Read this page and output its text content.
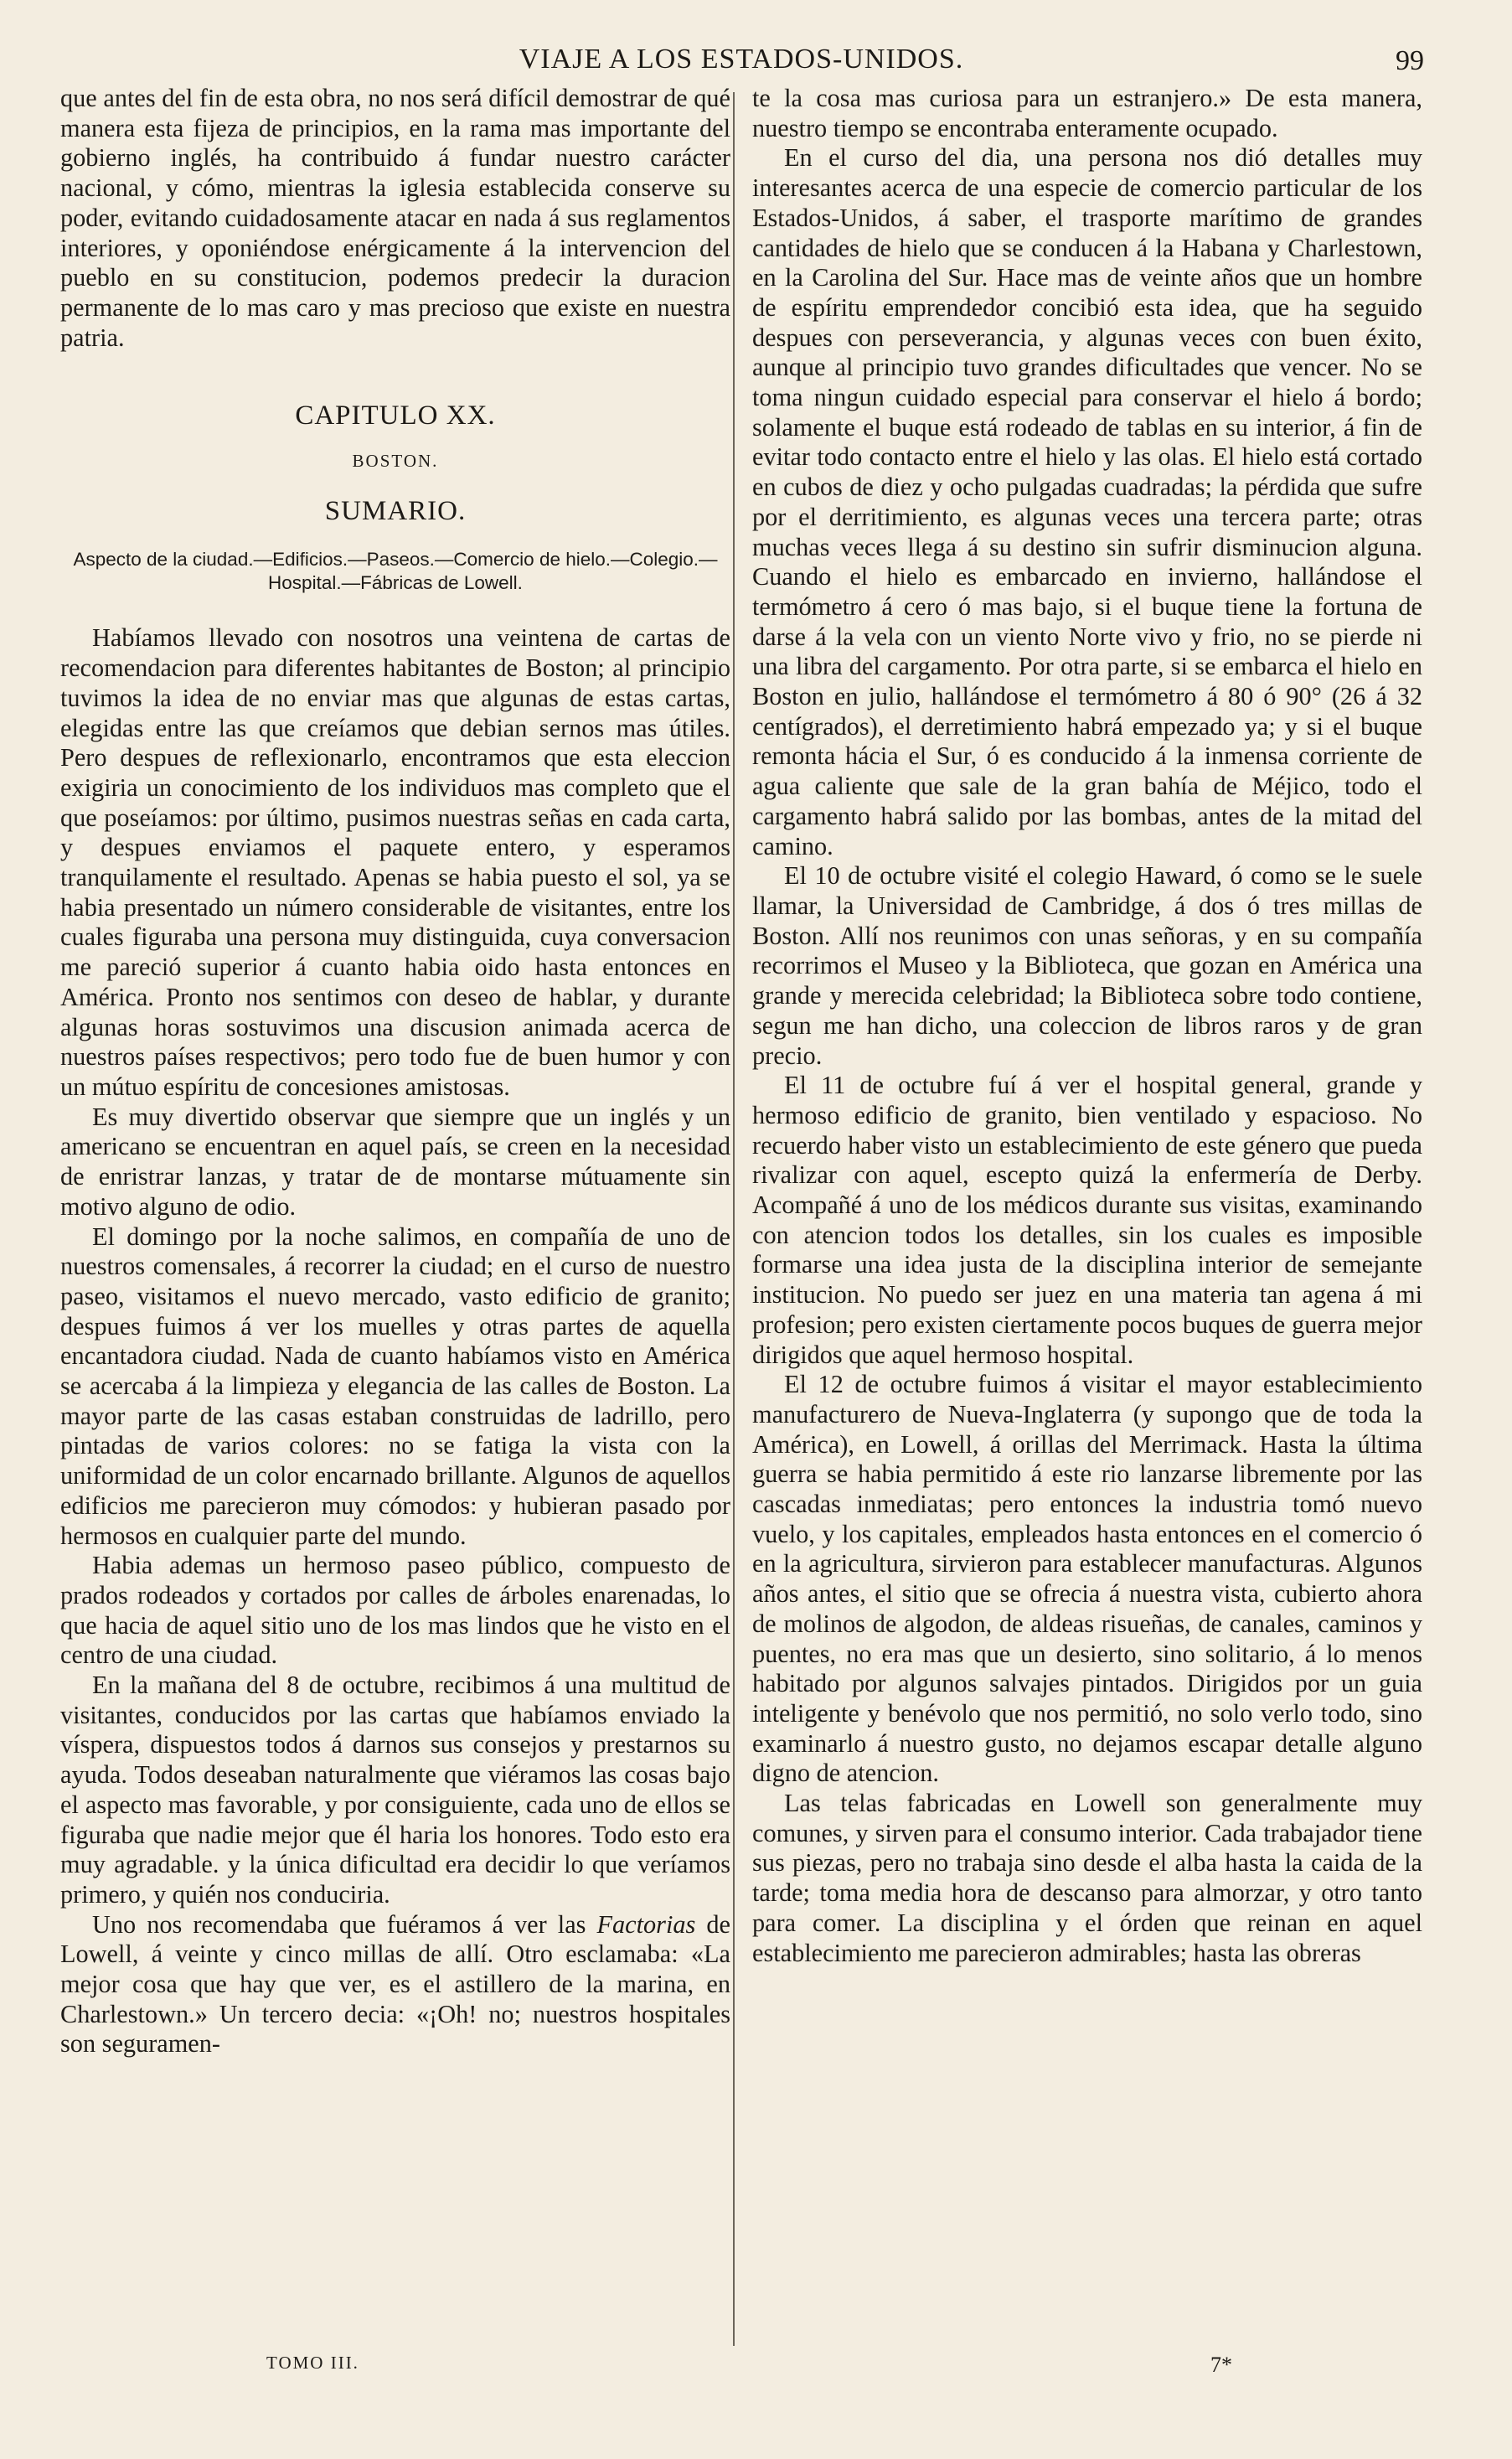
VIAJE A LOS ESTADOS-UNIDOS.	99

que antes del fin de esta obra, no nos será difícil demostrar de qué manera esta fijeza de principios, en la rama mas importante del gobierno inglés, ha contribuido á fundar nuestro carácter nacional, y cómo, mientras la iglesia establecida conserve su poder, evitando cuidadosamente atacar en nada á sus reglamentos interiores, y oponiéndose enérgicamente á la intervencion del pueblo en su constitucion, podemos predecir la duracion permanente de lo mas caro y mas precioso que existe en nuestra patria.

CAPITULO XX.
BOSTON.
SUMARIO.
Aspecto de la ciudad.—Edificios.—Paseos.—Comercio de hielo.—Colegio.—Hospital.—Fábricas de Lowell.

Habíamos llevado con nosotros una veintena de cartas de recomendacion para diferentes habitantes de Boston; al principio tuvimos la idea de no enviar mas que algunas de estas cartas, elegidas entre las que creíamos que debian sernos mas útiles. Pero despues de reflexionarlo, encontramos que esta eleccion exigiria un conocimiento de los individuos mas completo que el que poseíamos: por último, pusimos nuestras señas en cada carta, y despues enviamos el paquete entero, y esperamos tranquilamente el resultado. Apenas se habia puesto el sol, ya se habia presentado un número considerable de visitantes, entre los cuales figuraba una persona muy distinguida, cuya conversacion me pareció superior á cuanto habia oido hasta entonces en América. Pronto nos sentimos con deseo de hablar, y durante algunas horas sostuvimos una discusion animada acerca de nuestros países respectivos; pero todo fue de buen humor y con un mútuo espíritu de concesiones amistosas.

Es muy divertido observar que siempre que un inglés y un americano se encuentran en aquel país, se creen en la necesidad de enristrar lanzas, y tratar de de montarse mútuamente sin motivo alguno de odio.

El domingo por la noche salimos, en compañía de uno de nuestros comensales, á recorrer la ciudad; en el curso de nuestro paseo, visitamos el nuevo mercado, vasto edificio de granito; despues fuimos á ver los muelles y otras partes de aquella encantadora ciudad. Nada de cuanto habíamos visto en América se acercaba á la limpieza y elegancia de las calles de Boston. La mayor parte de las casas estaban construidas de ladrillo, pero pintadas de varios colores: no se fatiga la vista con la uniformidad de un color encarnado brillante. Algunos de aquellos edificios me parecieron muy cómodos: y hubieran pasado por hermosos en cualquier parte del mundo.

Habia ademas un hermoso paseo público, compuesto de prados rodeados y cortados por calles de árboles enarenadas, lo que hacia de aquel sitio uno de los mas lindos que he visto en el centro de una ciudad.

En la mañana del 8 de octubre, recibimos á una multitud de visitantes, conducidos por las cartas que habíamos enviado la víspera, dispuestos todos á darnos sus consejos y prestarnos su ayuda. Todos deseaban naturalmente que viéramos las cosas bajo el aspecto mas favorable, y por consiguiente, cada uno de ellos se figuraba que nadie mejor que él haria los honores. Todo esto era muy agradable. y la única dificultad era decidir lo que veríamos primero, y quién nos conduciria.

Uno nos recomendaba que fuéramos á ver las Factorias de Lowell, á veinte y cinco millas de allí. Otro esclamaba: «La mejor cosa que hay que ver, es el astillero de la marina, en Charlestown.» Un tercero decia: «¡Oh! no; nuestros hospitales son seguramen-

te la cosa mas curiosa para un estranjero.» De esta manera, nuestro tiempo se encontraba enteramente ocupado.

En el curso del dia, una persona nos dió detalles muy interesantes acerca de una especie de comercio particular de los Estados-Unidos, á saber, el trasporte marítimo de grandes cantidades de hielo que se conducen á la Habana y Charlestown, en la Carolina del Sur. Hace mas de veinte años que un hombre de espíritu emprendedor concibió esta idea, que ha seguido despues con perseverancia, y algunas veces con buen éxito, aunque al principio tuvo grandes dificultades que vencer. No se toma ningun cuidado especial para conservar el hielo á bordo; solamente el buque está rodeado de tablas en su interior, á fin de evitar todo contacto entre el hielo y las olas. El hielo está cortado en cubos de diez y ocho pulgadas cuadradas; la pérdida que sufre por el derritimiento, es algunas veces una tercera parte; otras muchas veces llega á su destino sin sufrir disminucion alguna. Cuando el hielo es embarcado en invierno, hallándose el termómetro á cero ó mas bajo, si el buque tiene la fortuna de darse á la vela con un viento Norte vivo y frio, no se pierde ni una libra del cargamento. Por otra parte, si se embarca el hielo en Boston en julio, hallándose el termómetro á 80 ó 90° (26 á 32 centígrados), el derretimiento habrá empezado ya; y si el buque remonta hácia el Sur, ó es conducido á la inmensa corriente de agua caliente que sale de la gran bahía de Méjico, todo el cargamento habrá salido por las bombas, antes de la mitad del camino.

El 10 de octubre visité el colegio Haward, ó como se le suele llamar, la Universidad de Cambridge, á dos ó tres millas de Boston. Allí nos reunimos con unas señoras, y en su compañía recorrimos el Museo y la Biblioteca, que gozan en América una grande y merecida celebridad; la Biblioteca sobre todo contiene, segun me han dicho, una coleccion de libros raros y de gran precio.

El 11 de octubre fuí á ver el hospital general, grande y hermoso edificio de granito, bien ventilado y espacioso. No recuerdo haber visto un establecimiento de este género que pueda rivalizar con aquel, escepto quizá la enfermería de Derby. Acompañé á uno de los médicos durante sus visitas, examinando con atencion todos los detalles, sin los cuales es imposible formarse una idea justa de la disciplina interior de semejante institucion. No puedo ser juez en una materia tan agena á mi profesion; pero existen ciertamente pocos buques de guerra mejor dirigidos que aquel hermoso hospital.

El 12 de octubre fuimos á visitar el mayor establecimiento manufacturero de Nueva-Inglaterra (y supongo que de toda la América), en Lowell, á orillas del Merrimack. Hasta la última guerra se habia permitido á este rio lanzarse libremente por las cascadas inmediatas; pero entonces la industria tomó nuevo vuelo, y los capitales, empleados hasta entonces en el comercio ó en la agricultura, sirvieron para establecer manufacturas. Algunos años antes, el sitio que se ofrecia á nuestra vista, cubierto ahora de molinos de algodon, de aldeas risueñas, de canales, caminos y puentes, no era mas que un desierto, sino solitario, á lo menos habitado por algunos salvajes pintados. Dirigidos por un guia inteligente y benévolo que nos permitió, no solo verlo todo, sino examinarlo á nuestro gusto, no dejamos escapar detalle alguno digno de atencion.

Las telas fabricadas en Lowell son generalmente muy comunes, y sirven para el consumo interior. Cada trabajador tiene sus piezas, pero no trabaja sino desde el alba hasta la caida de la tarde; toma media hora de descanso para almorzar, y otro tanto para comer. La disciplina y el órden que reinan en aquel establecimiento me parecieron admirables; hasta las obreras

TOMO III.	7*
